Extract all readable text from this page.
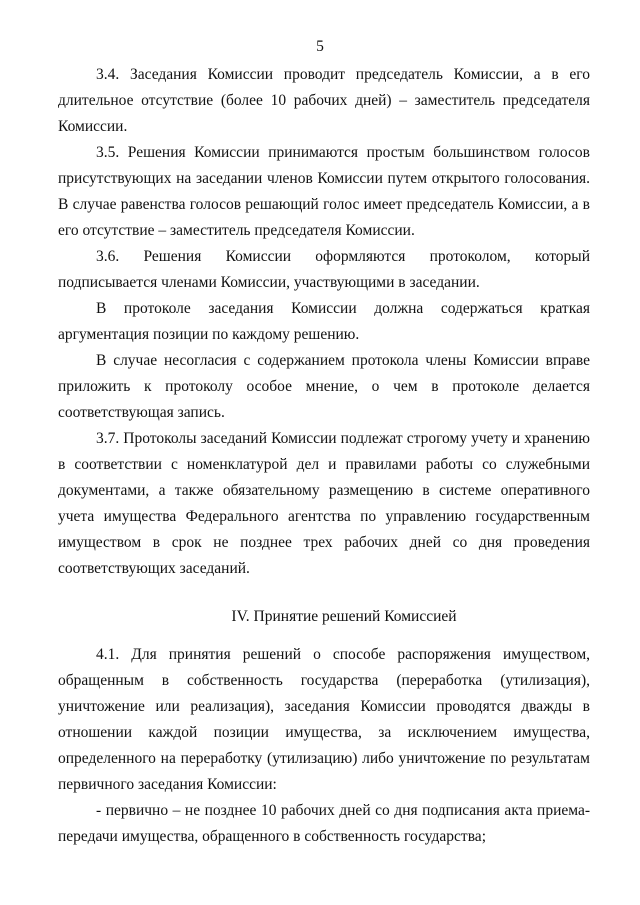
5

3.4. Заседания Комиссии проводит председатель Комиссии, а в его длительное отсутствие (более 10 рабочих дней) – заместитель председателя Комиссии.

3.5. Решения Комиссии принимаются простым большинством голосов присутствующих на заседании членов Комиссии путем открытого голосования. В случае равенства голосов решающий голос имеет председатель Комиссии, а в его отсутствие – заместитель председателя Комиссии.

3.6. Решения Комиссии оформляются протоколом, который подписывается членами Комиссии, участвующими в заседании.

В протоколе заседания Комиссии должна содержаться краткая аргументация позиции по каждому решению.

В случае несогласия с содержанием протокола члены Комиссии вправе приложить к протоколу особое мнение, о чем в протоколе делается соответствующая запись.

3.7. Протоколы заседаний Комиссии подлежат строгому учету и хранению в соответствии с номенклатурой дел и правилами работы со служебными документами, а также обязательному размещению в системе оперативного учета имущества Федерального агентства по управлению государственным имуществом в срок не позднее трех рабочих дней со дня проведения соответствующих заседаний.

IV. Принятие решений Комиссией

4.1. Для принятия решений о способе распоряжения имуществом, обращенным в собственность государства (переработка (утилизация), уничтожение или реализация), заседания Комиссии проводятся дважды в отношении каждой позиции имущества, за исключением имущества, определенного на переработку (утилизацию) либо уничтожение по результатам первичного заседания Комиссии:

- первично – не позднее 10 рабочих дней со дня подписания акта приема-передачи имущества, обращенного в собственность государства;
